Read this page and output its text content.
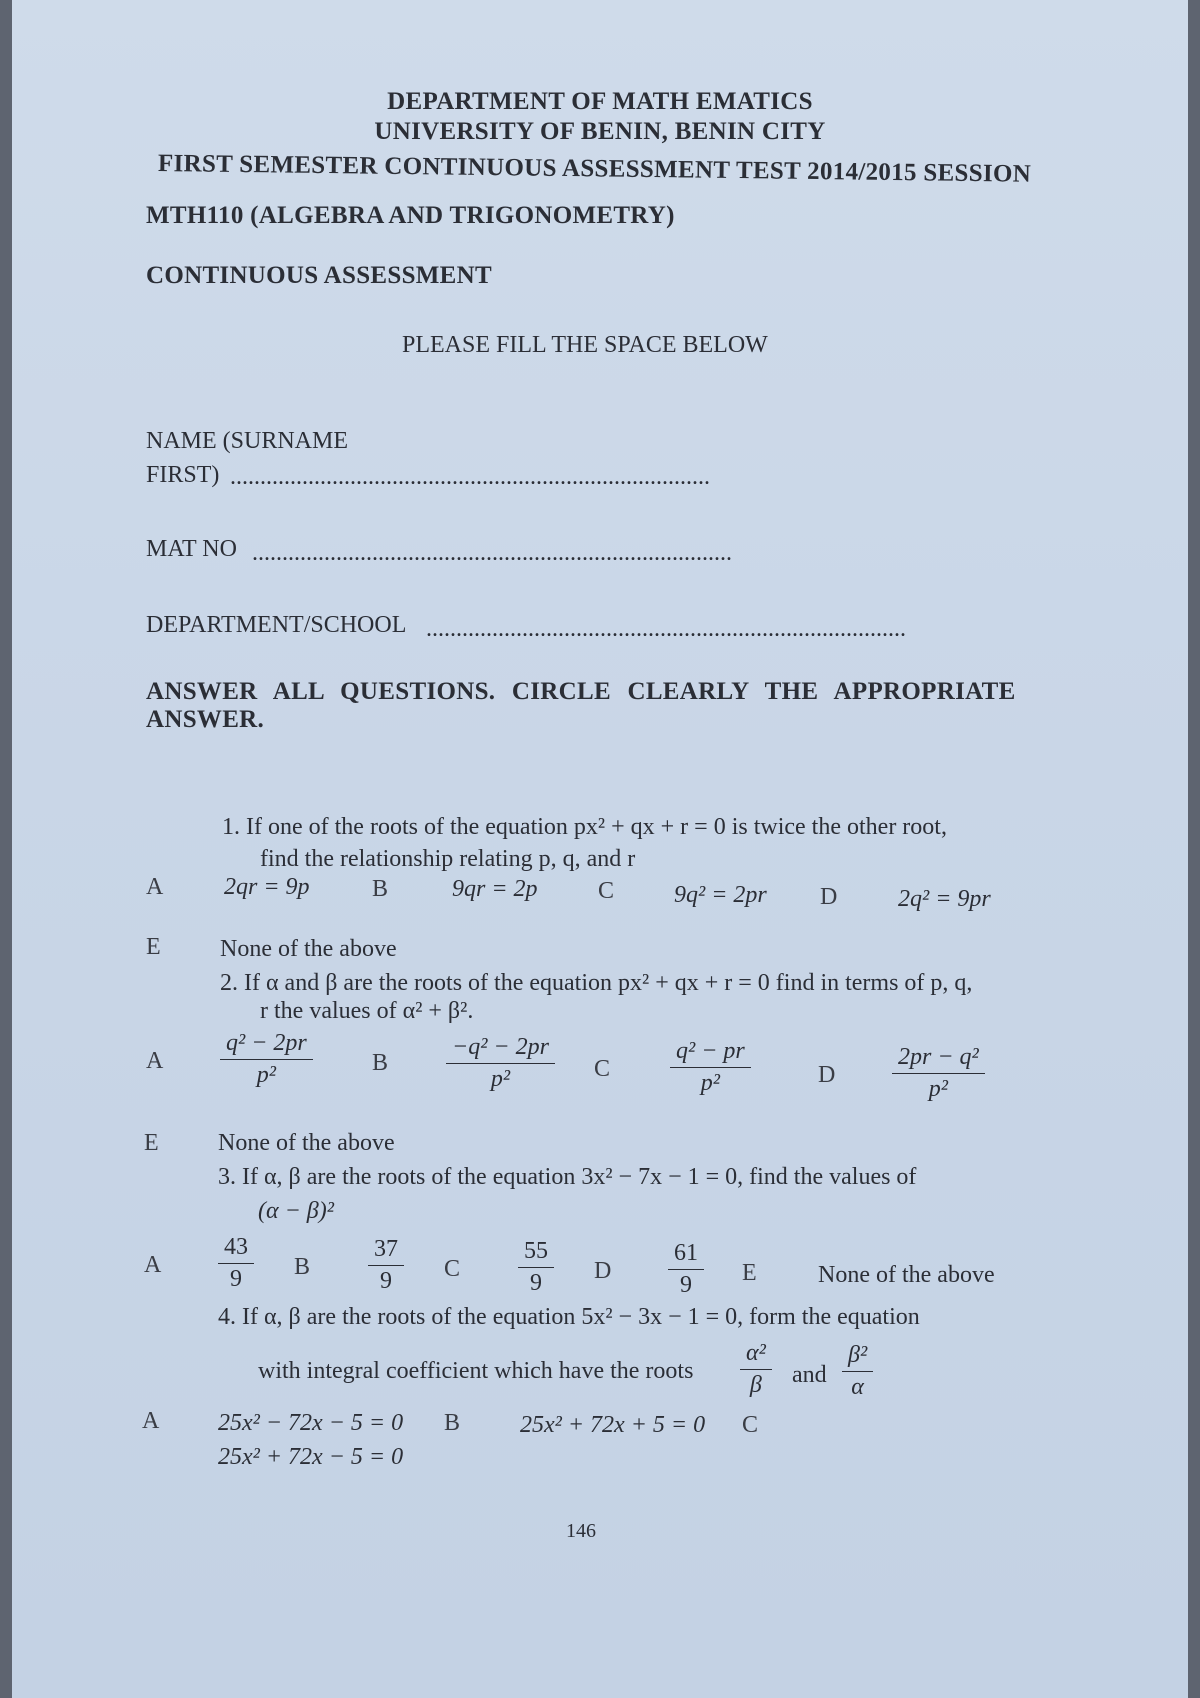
DEPARTMENT OF MATH EMATICS
UNIVERSITY OF BENIN, BENIN CITY
FIRST SEMESTER CONTINUOUS ASSESSMENT TEST 2014/2015 SESSION
MTH110 (ALGEBRA AND TRIGONOMETRY)
CONTINUOUS ASSESSMENT
PLEASE FILL THE SPACE BELOW
NAME (SURNAME
FIRST) ................................................................................
MAT NO ................................................................................
DEPARTMENT/SCHOOL ................................................................................
ANSWER ALL QUESTIONS. CIRCLE CLEARLY THE APPROPRIATE
ANSWER.
1. If one of the roots of the equation px² + qx + r = 0 is twice the other root,
find the relationship relating p, q, and r
A	2qr = 9p	B	9qr = 2p	C 9q² = 2pr D	2q² = 9pr
E None of the above
2. If α and β are the roots of the equation px² + qx + r = 0 find in terms of p, q,
r the values of α² + β².
A $\frac{\text{q² − 2pr}}{\text{p²}}$ B $\frac{\text{−q² − 2pr}}{\text{p²}}$ C $\frac{\text{q² − pr}}{\text{p²}}$	D $\frac{\text{2pr − q²}}{\text{p²}}$
E None of the above
3. If α, β are the roots of the equation 3x² − 7x − 1 = 0, find the values of
(α − β)²
A $\frac{43}{9}$ B $\frac{37}{9}$ C $\frac{55}{9}$ D $\frac{61}{9}$ E	None of the above
4. If α, β are the roots of the equation 5x² − 3x − 1 = 0, form the equation
with integral coefficient which have the roots $\frac{\text{α²}}{\beta}$ and $\frac{\text{β²}}{\alpha}$
A 25x² − 72x − 5 = 0 B 25x² + 72x + 5 = 0 C
25x² + 72x − 5 = 0
146
